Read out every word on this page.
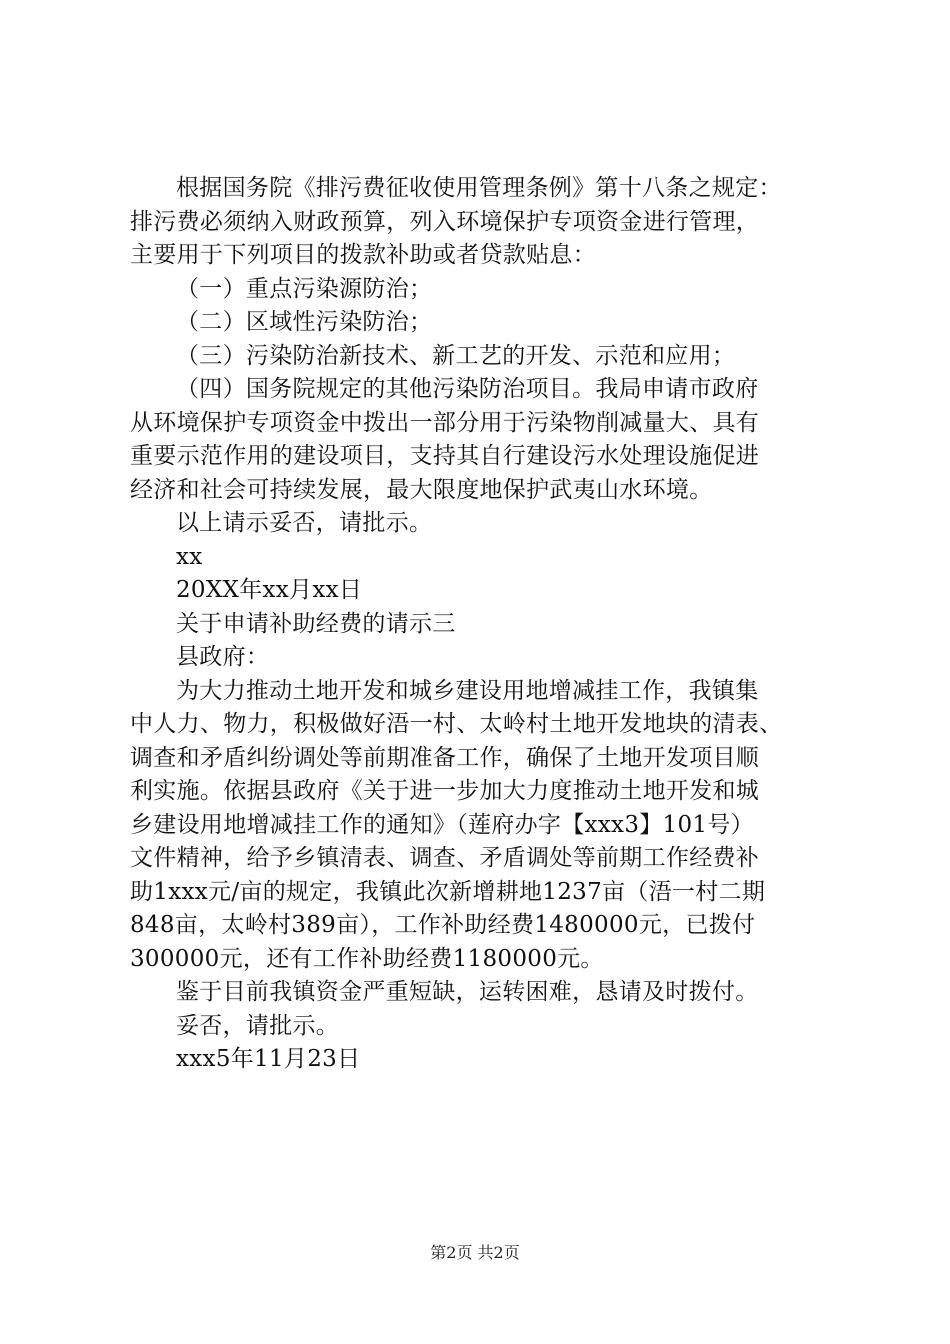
根据国务院《排污费征收使用管理条例》第十八条之规定：
排污费必须纳入财政预算，列入环境保护专项资金进行管理，
主要用于下列项目的拨款补助或者贷款贴息：
（一）重点污染源防治；
（二）区域性污染防治；
（三）污染防治新技术、新工艺的开发、示范和应用；
（四）国务院规定的其他污染防治项目。我局申请市政府
从环境保护专项资金中拨出一部分用于污染物削减量大、具有
重要示范作用的建设项目，支持其自行建设污水处理设施促进
经济和社会可持续发展，最大限度地保护武夷山水环境。
以上请示妥否，请批示。
xx
20XX年xx月xx日
关于申请补助经费的请示三
县政府：
为大力推动土地开发和城乡建设用地增减挂工作，我镇集
中人力、物力，积极做好浯一村、太岭村土地开发地块的清表、
调查和矛盾纠纷调处等前期准备工作，确保了土地开发项目顺
利实施。依据县政府《关于进一步加大力度推动土地开发和城
乡建设用地增减挂工作的通知》（莲府办字【xxx3】101号）
文件精神，给予乡镇清表、调查、矛盾调处等前期工作经费补
助1xxx元/亩的规定，我镇此次新增耕地1237亩（浯一村二期
848亩，太岭村389亩），工作补助经费1480000元，已拨付
300000元，还有工作补助经费1180000元。
鉴于目前我镇资金严重短缺，运转困难，恳请及时拨付。
妥否，请批示。
xxx5年11月23日
第2页 共2页
